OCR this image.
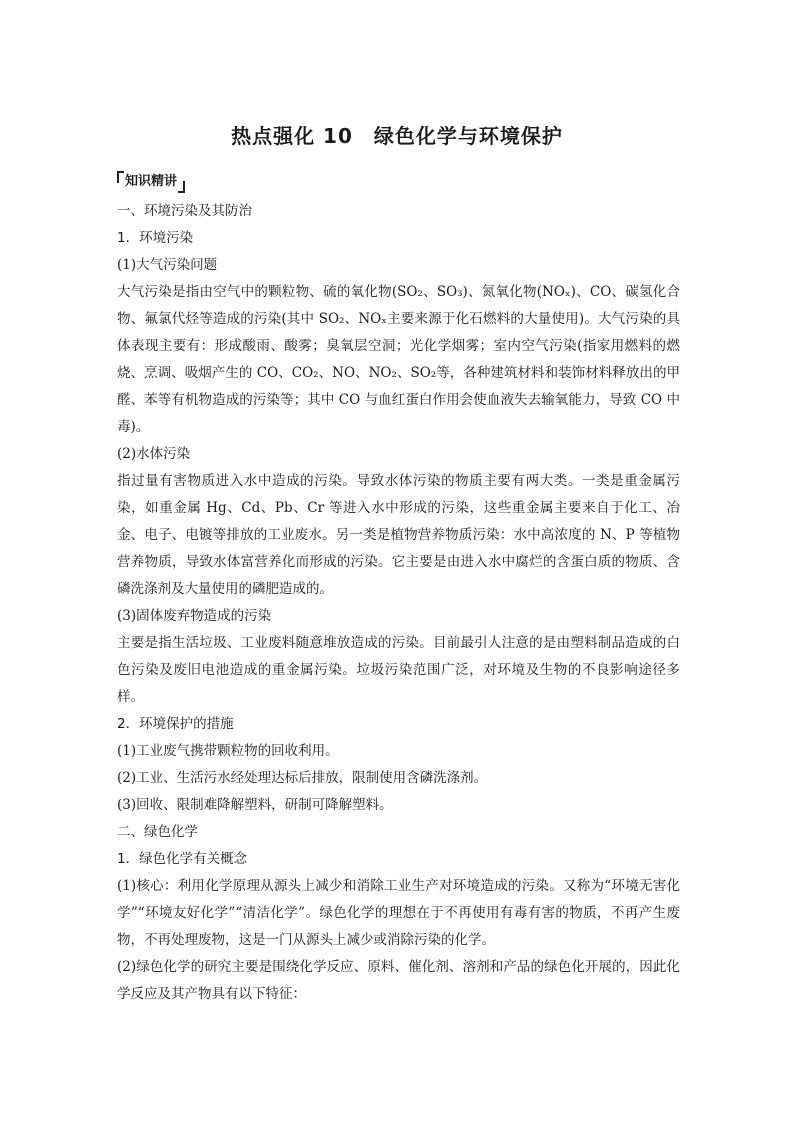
热点强化 10　绿色化学与环境保护
知识精讲
一、环境污染及其防治
1．环境污染
(1)大气污染问题
大气污染是指由空气中的颗粒物、硫的氧化物(SO₂、SO₃)、氮氧化物(NOₓ)、CO、碳氢化合物、氟氯代烃等造成的污染(其中 SO₂、NOₓ主要来源于化石燃料的大量使用)。大气污染的具体表现主要有：形成酸雨、酸雾；臭氧层空洞；光化学烟雾；室内空气污染(指家用燃料的燃烧、烹调、吸烟产生的 CO、CO₂、NO、NO₂、SO₂等，各种建筑材料和装饰材料释放出的甲醛、苯等有机物造成的污染等；其中 CO 与血红蛋白作用会使血液失去输氧能力，导致 CO 中毒)。
(2)水体污染
指过量有害物质进入水中造成的污染。导致水体污染的物质主要有两大类。一类是重金属污染，如重金属 Hg、Cd、Pb、Cr 等进入水中形成的污染，这些重金属主要来自于化工、冶金、电子、电镀等排放的工业废水。另一类是植物营养物质污染：水中高浓度的 N、P 等植物营养物质，导致水体富营养化而形成的污染。它主要是由进入水中腐烂的含蛋白质的物质、含磷洗涤剂及大量使用的磷肥造成的。
(3)固体废弃物造成的污染
主要是指生活垃圾、工业废料随意堆放造成的污染。目前最引人注意的是由塑料制品造成的白色污染及废旧电池造成的重金属污染。垃圾污染范围广泛，对环境及生物的不良影响途径多样。
2．环境保护的措施
(1)工业废气携带颗粒物的回收利用。
(2)工业、生活污水经处理达标后排放，限制使用含磷洗涤剂。
(3)回收、限制难降解塑料，研制可降解塑料。
二、绿色化学
1．绿色化学有关概念
(1)核心：利用化学原理从源头上减少和消除工业生产对环境造成的污染。又称为“环境无害化学”“环境友好化学”“清洁化学”。绿色化学的理想在于不再使用有毒有害的物质，不再产生废物，不再处理废物，这是一门从源头上减少或消除污染的化学。
(2)绿色化学的研究主要是围绕化学反应、原料、催化剂、溶剂和产品的绿色化开展的，因此化学反应及其产物具有以下特征：
